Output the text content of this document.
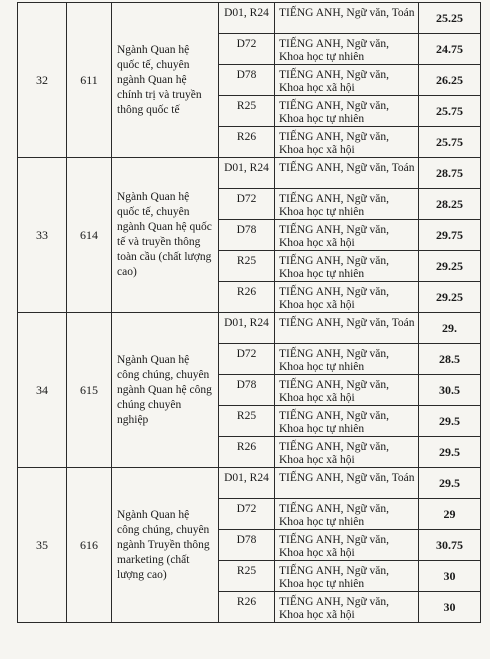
32	611	Ngành Quan hệ quốc tế, chuyên ngành Quan hệ chính trị và truyền thông quốc tế	D01, R24	TIẾNG ANH, Ngữ văn, Toán	25.25
			D72	TIẾNG ANH, Ngữ văn, Khoa học tự nhiên	24.75
			D78	TIẾNG ANH, Ngữ văn, Khoa học xã hội	26.25
			R25	TIẾNG ANH, Ngữ văn, Khoa học tự nhiên	25.75
			R26	TIẾNG ANH, Ngữ văn, Khoa học xã hội	25.75
33	614	Ngành Quan hệ quốc tế, chuyên ngành Quan hệ quốc tế và truyền thông toàn cầu (chất lượng cao)	D01, R24	TIẾNG ANH, Ngữ văn, Toán	28.75
			D72	TIẾNG ANH, Ngữ văn, Khoa học tự nhiên	28.25
			D78	TIẾNG ANH, Ngữ văn, Khoa học xã hội	29.75
			R25	TIẾNG ANH, Ngữ văn, Khoa học tự nhiên	29.25
			R26	TIẾNG ANH, Ngữ văn, Khoa học xã hội	29.25
34	615	Ngành Quan hệ công chúng, chuyên ngành Quan hệ công chúng chuyên nghiệp	D01, R24	TIẾNG ANH, Ngữ văn, Toán	29.
			D72	TIẾNG ANH, Ngữ văn, Khoa học tự nhiên	28.5
			D78	TIẾNG ANH, Ngữ văn, Khoa học xã hội	30.5
			R25	TIẾNG ANH, Ngữ văn, Khoa học tự nhiên	29.5
			R26	TIẾNG ANH, Ngữ văn, Khoa học xã hội	29.5
35	616	Ngành Quan hệ công chúng, chuyên ngành Truyền thông marketing (chất lượng cao)	D01, R24	TIẾNG ANH, Ngữ văn, Toán	29.5
			D72	TIẾNG ANH, Ngữ văn, Khoa học tự nhiên	29
			D78	TIẾNG ANH, Ngữ văn, Khoa học xã hội	30.75
			R25	TIẾNG ANH, Ngữ văn, Khoa học tự nhiên	30
			R26	TIẾNG ANH, Ngữ văn, Khoa học xã hội	30
